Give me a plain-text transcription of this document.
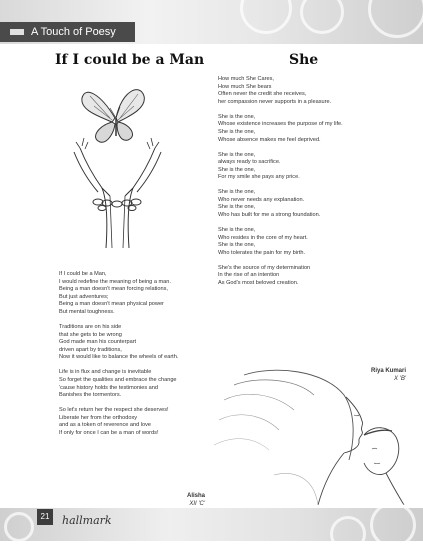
A Touch of Poesy
If I could be a Man
If I could be a Man,
I would redefine the meaning of being a man.
Being a man doesn't mean forcing relations,
But just adventures;
Being a man doesn't mean physical power
But mental toughness.
Traditions are on his side
that she gets to be wrong
God made man his counterpart
driven apart by traditions,
Now it would like to balance the wheels of earth.
Life is in flux and change is inevitable
So forget the qualities and embrace the change
'cause history holds the testimonies and
Banishes the tormentors.
So let's return her the respect she deserves!
Liberate her from the orthodoxy
and as a token of reverence and love
If only for once I can be a man of words!
Alisha
XII 'C'
She
How much She Cares,
How much She bears
Often never the credit she receives,
her compassion never supports in a pleasure.
She is the one,
Whose existence increases the purpose of my life.
She is the one,
Whose absence makes me feel deprived.
She is the one,
always ready to sacrifice.
She is the one,
For my smile she pays any price.
She is the one,
Who never needs any explanation.
She is the one,
Who has built for me a strong foundation.
She is the one,
Who resides in the core of my heart.
She is the one,
Who tolerates the pain for my birth.
She's the source of my determination
In the rise of an intention
As God's most beloved creation.
Riya Kumari
X 'B'
21	hallmark
